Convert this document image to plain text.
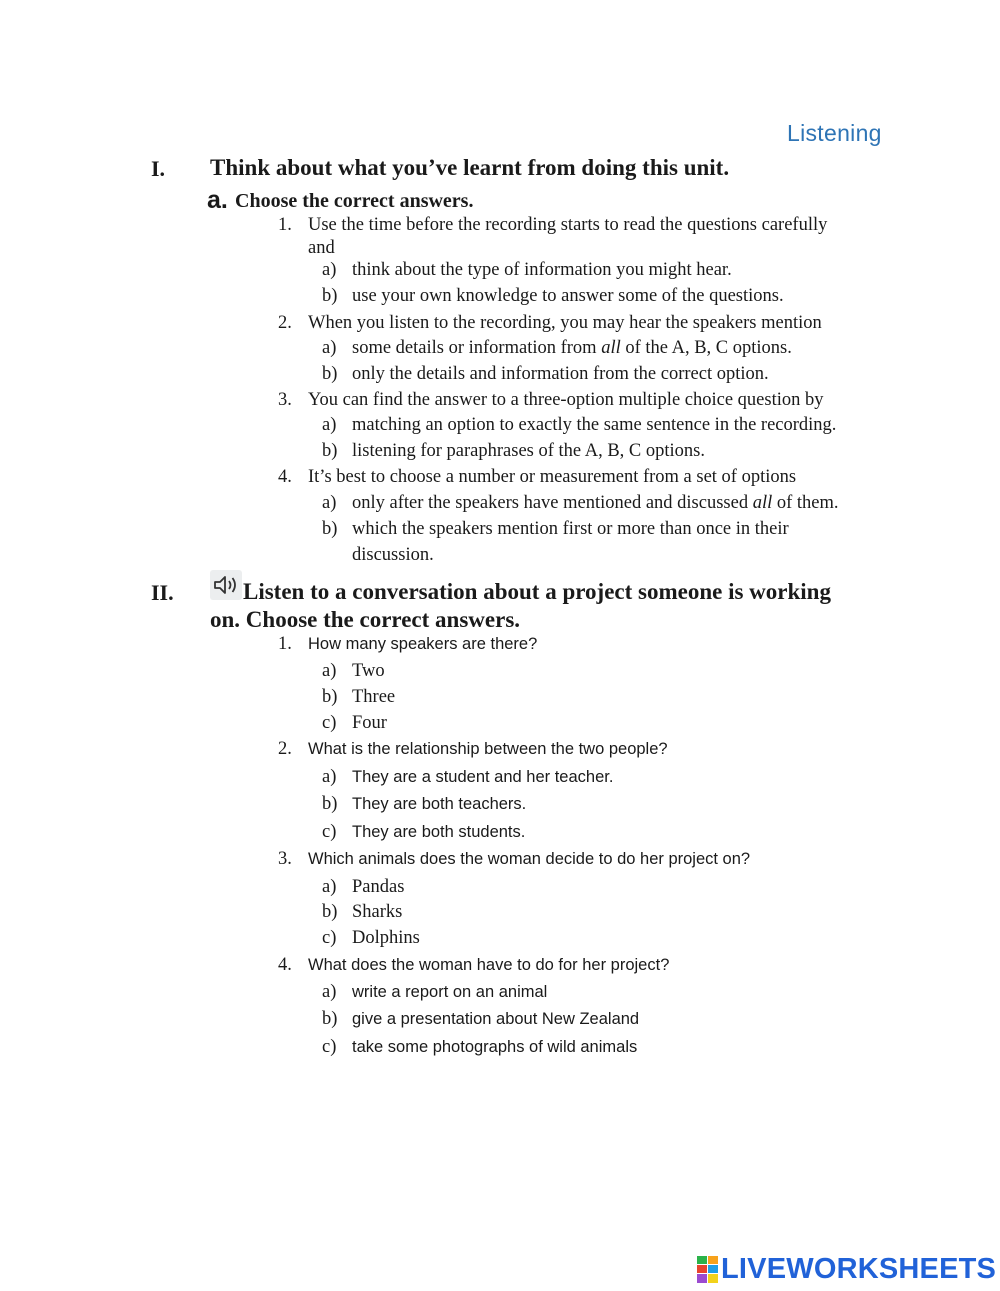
Listening
I. Think about what you’ve learnt from doing this unit.
a. Choose the correct answers.
1. Use the time before the recording starts to read the questions carefully
and
a) think about the type of information you might hear.
b) use your own knowledge to answer some of the questions.
2. When you listen to the recording, you may hear the speakers mention
a) some details or information from all of the A, B, C options.
b) only the details and information from the correct option.
3. You can find the answer to a three-option multiple choice question by
a) matching an option to exactly the same sentence in the recording.
b) listening for paraphrases of the A, B, C options.
4. It’s best to choose a number or measurement from a set of options
a) only after the speakers have mentioned and discussed all of them.
b) which the speakers mention first or more than once in their
discussion.
II.	Listen to a conversation about a project someone is working
on. Choose the correct answers.
1. How many speakers are there?
a) Two
b) Three
c) Four
2. What is the relationship between the two people?
a) They are a student and her teacher.
b) They are both teachers.
c) They are both students.
3. Which animals does the woman decide to do her project on?
a) Pandas
b) Sharks
c) Dolphins
4. What does the woman have to do for her project?
a) write a report on an animal
b) give a presentation about New Zealand
c) take some photographs of wild animals
LIVEWORKSHEETS
